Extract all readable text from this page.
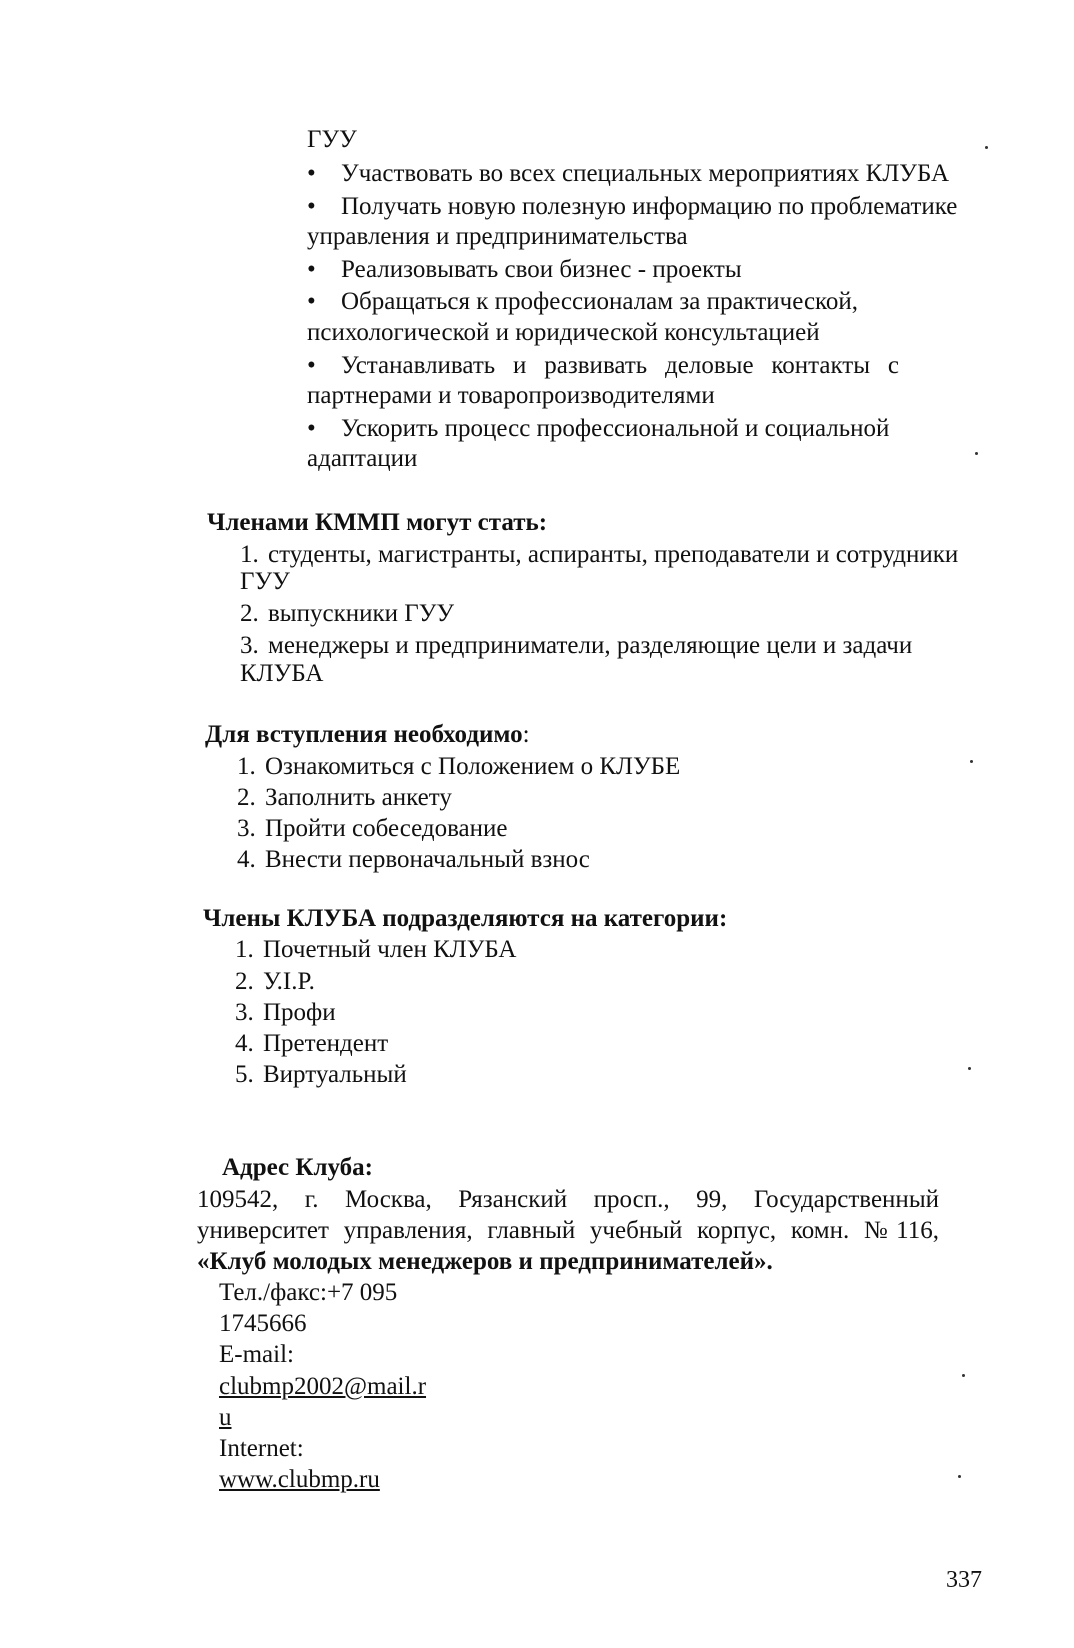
ГУУ
• Участвовать во всех специальных мероприятиях КЛУБА
• Получать новую полезную информацию по проблематике
управления и предпринимательства
• Реализовывать свои бизнес - проекты
• Обращаться к профессионалам за практической,
психологической и юридической консультацией
• Устанавливать и развивать деловые контакты с
партнерами и товаропроизводителями
• Ускорить процесс профессиональной и социальной
адаптации
Членами КММП могут стать:
1. студенты, магистранты, аспиранты, преподаватели и сотрудники
ГУУ
2. выпускники ГУУ
3. менеджеры и предприниматели, разделяющие цели и задачи
КЛУБА
Для вступления необходимо:
1. Ознакомиться с Положением о КЛУБЕ
2. Заполнить анкету
3. Пройти собеседование
4. Внести первоначальный взнос
Члены КЛУБА подразделяются на категории:
1. Почетный член КЛУБА
2. У.I.P.
3. Профи
4. Претендент
5. Виртуальный
Адрес Клуба:
109542, г. Москва, Рязанский просп., 99, Государственный
университет управления, главный учебный корпус, комн. №116,
«Клуб молодых менеджеров и предпринимателей».
Тел./факс:+7 095
1745666
E-mail:
clubmp2002@mail.r
u
Internet:
www.clubmp.ru
337
